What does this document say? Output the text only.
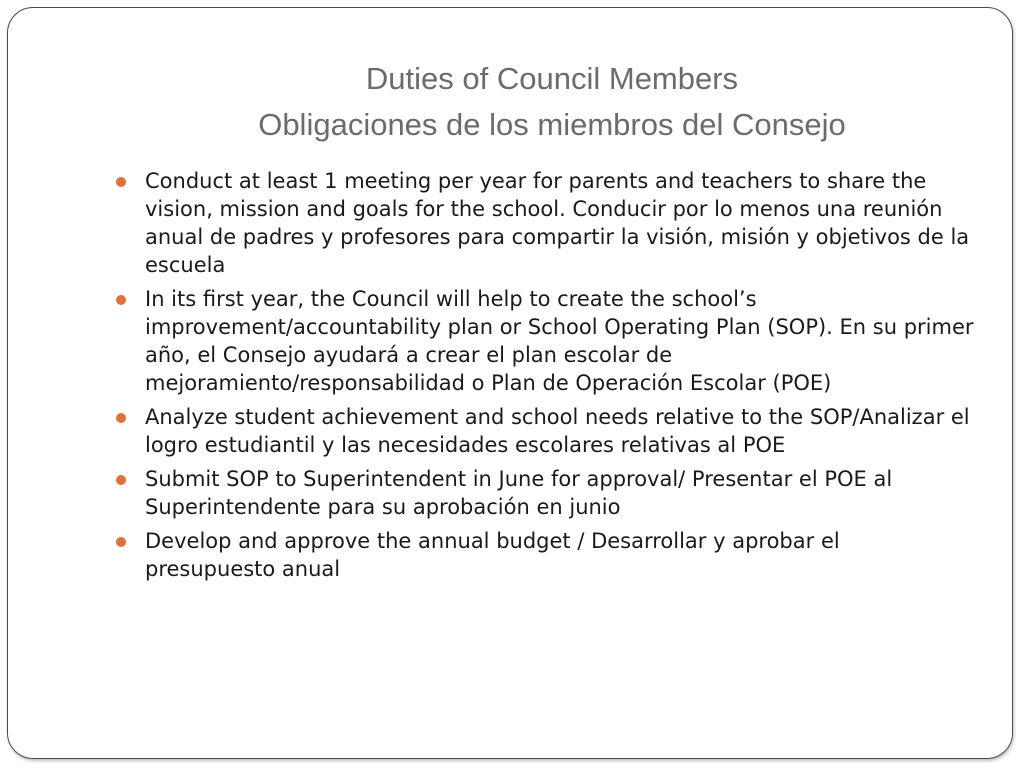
Duties of Council Members
Obligaciones de los miembros del Consejo
Conduct at least 1 meeting per year for parents and teachers to share the vision, mission and goals for the school. Conducir por lo menos una reunión anual de padres y profesores para compartir la visión, misión y objetivos de la escuela
In its first year, the Council will help to create the school’s improvement/accountability plan or School Operating Plan (SOP). En su primer año, el Consejo ayudará a crear el plan escolar de mejoramiento/responsabilidad o Plan de Operación Escolar (POE)
Analyze student achievement and school needs relative to the SOP/Analizar el logro estudiantil y las necesidades escolares relativas al POE
Submit SOP to Superintendent in June for approval/ Presentar el POE al Superintendente para su aprobación en junio
Develop and approve the annual budget / Desarrollar y aprobar el presupuesto anual
